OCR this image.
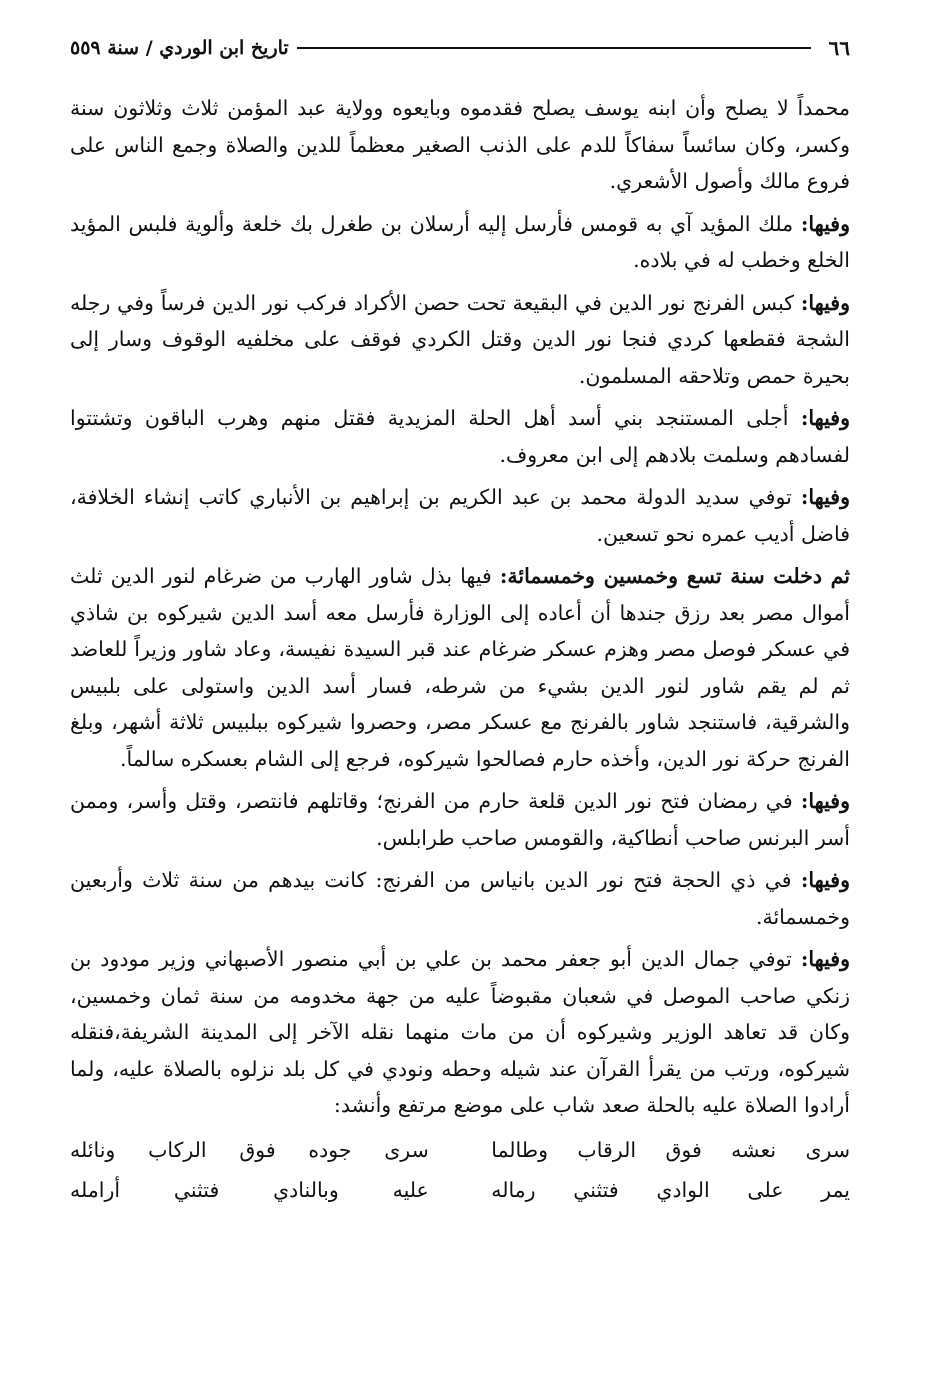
٦٦
تاريخ ابن الوردي / سنة ٥٥٩

محمداً لا يصلح وأن ابنه يوسف يصلح فقدموه وبايعوه وولاية عبد المؤمن ثلاث وثلاثون سنة وكسر، وكان سائساً سفاكاً للدم على الذنب الصغير معظماً للدين والصلاة وجمع الناس على فروع مالك وأصول الأشعري.

وفيها: ملك المؤيد آي به قومس فأرسل إليه أرسلان بن طغرل بك خلعة وألوية فلبس المؤيد الخلع وخطب له في بلاده.

وفيها: كبس الفرنج نور الدين في البقيعة تحت حصن الأكراد فركب نور الدين فرساً وفي رجله الشجة فقطعها كردي فنجا نور الدين وقتل الكردي فوقف على مخلفيه الوقوف وسار إلى بحيرة حمص وتلاحقه المسلمون.

وفيها: أجلى المستنجد بني أسد أهل الحلة المزيدية فقتل منهم وهرب الباقون وتشتتوا لفسادهم وسلمت بلادهم إلى ابن معروف.

وفيها: توفي سديد الدولة محمد بن عبد الكريم بن إبراهيم بن الأنباري كاتب إنشاء الخلافة، فاضل أديب عمره نحو تسعين.

ثم دخلت سنة تسع وخمسين وخمسمائة: فيها بذل شاور الهارب من ضرغام لنور الدين ثلث أموال مصر بعد رزق جندها أن أعاده إلى الوزارة فأرسل معه أسد الدين شيركوه بن شاذي في عسكر فوصل مصر وهزم عسكر ضرغام عند قبر السيدة نفيسة، وعاد شاور وزيراً للعاضد ثم لم يقم شاور لنور الدين بشيء من شرطه، فسار أسد الدين واستولى على بلبيس والشرقية، فاستنجد شاور بالفرنج مع عسكر مصر، وحصروا شيركوه ببلبيس ثلاثة أشهر، وبلغ الفرنج حركة نور الدين، وأخذه حارم فصالحوا شيركوه، فرجع إلى الشام بعسكره سالماً.

وفيها: في رمضان فتح نور الدين قلعة حارم من الفرنج؛ وقاتلهم فانتصر، وقتل وأسر، وممن أسر البرنس صاحب أنطاكية، والقومس صاحب طرابلس.

وفيها: في ذي الحجة فتح نور الدين بانياس من الفرنج: كانت بيدهم من سنة ثلاث وأربعين وخمسمائة.

وفيها: توفي جمال الدين أبو جعفر محمد بن علي بن أبي منصور الأصبهاني وزير مودود بن زنكي صاحب الموصل في شعبان مقبوضاً عليه من جهة مخدومه من سنة ثمان وخمسين، وكان قد تعاهد الوزير وشيركوه أن من مات منهما نقله الآخر إلى المدينة الشريفة،فنقله شيركوه، ورتب من يقرأ القرآن عند شيله وحطه ونودي في كل بلد نزلوه بالصلاة عليه، ولما أرادوا الصلاة عليه بالحلة صعد شاب على موضع مرتفع وأنشد:

سرى نعشه فوق الرقاب وطالما
سرى جوده فوق الركاب ونائله
يمر على الوادي فتثني رماله
عليه وبالنادي فتثني أرامله
